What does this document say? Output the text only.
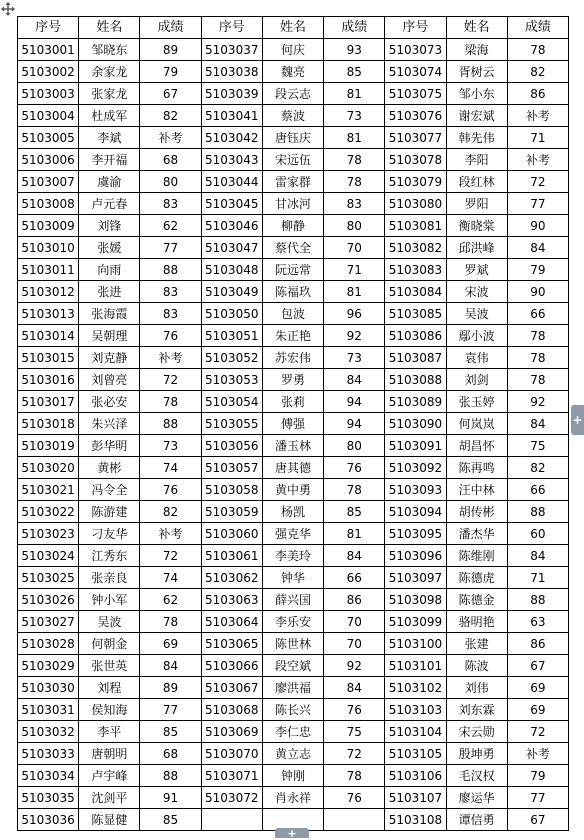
序号	姓名	成绩	序号	姓名	成绩	序号	姓名	成绩
5103001	邹晓东	89	5103037	何庆	93	5103073	梁海	78
5103002	余家龙	79	5103038	魏亮	85	5103074	胥树云	82
5103003	张家龙	67	5103039	段云志	81	5103075	邹小东	86
5103004	杜成军	82	5103041	蔡波	73	5103076	谢宏斌	补考
5103005	李斌	补考	5103042	唐钰庆	81	5103077	韩先伟	71
5103006	李开福	68	5103043	宋远伍	78	5103078	李阳	补考
5103007	虞渝	80	5103044	雷家群	78	5103079	段红林	72
5103008	卢元春	83	5103045	甘冰河	83	5103080	罗阳	77
5103009	刘锋	62	5103046	柳静	80	5103081	衡晓棠	90
5103010	张媛	77	5103047	蔡代全	70	5103082	邱洪峰	84
5103011	向雨	88	5103048	阮远常	71	5103083	罗斌	79
5103012	张进	83	5103049	陈福玖	81	5103084	宋波	90
5103013	张海霞	83	5103050	包波	96	5103085	吴波	66
5103014	吴朝理	76	5103051	朱正艳	92	5103086	鄢小波	78
5103015	刘克静	补考	5103052	苏宏伟	73	5103087	袁伟	78
5103016	刘曾亮	72	5103053	罗勇	84	5103088	刘剑	78
5103017	张必安	78	5103054	张莉	94	5103089	张玉婷	92
5103018	朱兴泽	88	5103055	傅强	94	5103090	何岚岚	84
5103019	彭华明	73	5103056	潘玉林	80	5103091	胡昌怀	75
5103020	黄彬	74	5103057	唐其德	76	5103092	陈再鸣	82
5103021	冯令全	76	5103058	黄中勇	78	5103093	汪中林	66
5103022	陈游建	82	5103059	杨凯	85	5103094	胡传彬	88
5103023	刁友华	补考	5103060	强克华	81	5103095	潘杰华	60
5103024	江秀东	72	5103061	李美玲	84	5103096	陈维刚	84
5103025	张亲良	74	5103062	钟华	66	5103097	陈德虎	71
5103026	钟小军	62	5103063	薛兴国	86	5103098	陈德金	88
5103027	吴波	78	5103064	李乐安	70	5103099	骆明艳	63
5103028	何朝金	69	5103065	陈世林	70	5103100	张建	86
5103029	张世英	84	5103066	段空斌	92	5103101	陈波	67
5103030	刘程	89	5103067	廖洪福	84	5103102	刘伟	69
5103031	侯知海	77	5103068	陈长兴	76	5103103	刘东霖	69
5103032	李平	85	5103069	李仁忠	75	5103104	宋云勋	72
5103033	唐朝明	68	5103070	黄立志	72	5103105	殷坤勇	补考
5103034	卢宇峰	88	5103071	钟刚	78	5103106	毛汉权	79
5103035	沈剑平	91	5103072	肖永祥	76	5103107	廖运华	77
5103036	陈显健	85				5103108	谭信勇	67
+
+
